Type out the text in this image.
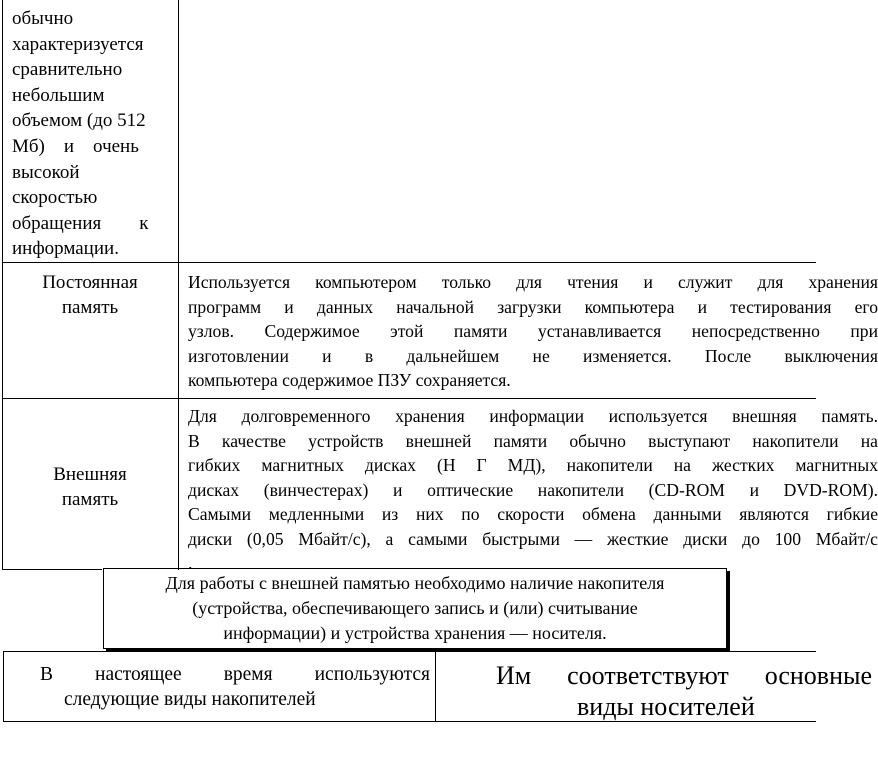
обычно
характеризуется
сравнительно
небольшим
объемом (до 512
Мб)    и    очень
высокой
скоростью
обращения        к
информации.
Постоянная
память
Используется компьютером только для чтения и служит для хранения
программ и данных начальной загрузки компьютера и тестирования его
узлов. Содержимое этой памяти устанавливается непосредственно при
изготовлении и в дальнейшем не изменяется. После выключения
компьютера содержимое ПЗУ сохраняется.
Внешняя
память
Для долговременного хранения информации используется внешняя память.
В качестве устройств внешней памяти обычно выступают накопители на
гибких магнитных дисках (Н Г МД), накопители на жестких магнитных
дисках (винчестерах) и оптические накопители (CD-ROM и DVD-ROM).
Самыми медленными из них по скорости обмена данными являются гибкие
диски (0,05 Мбайт/с), а самыми быстрыми — жесткие диски до 100 Мбайт/с
.
Для работы с внешней памятью необходимо наличие накопителя
(устройства, обеспечивающего запись и (или) считывание
информации) и устройства хранения — носителя.
В   настоящее   время   используются
следующие виды накопителей
Им соответствуют основные
виды носителей
